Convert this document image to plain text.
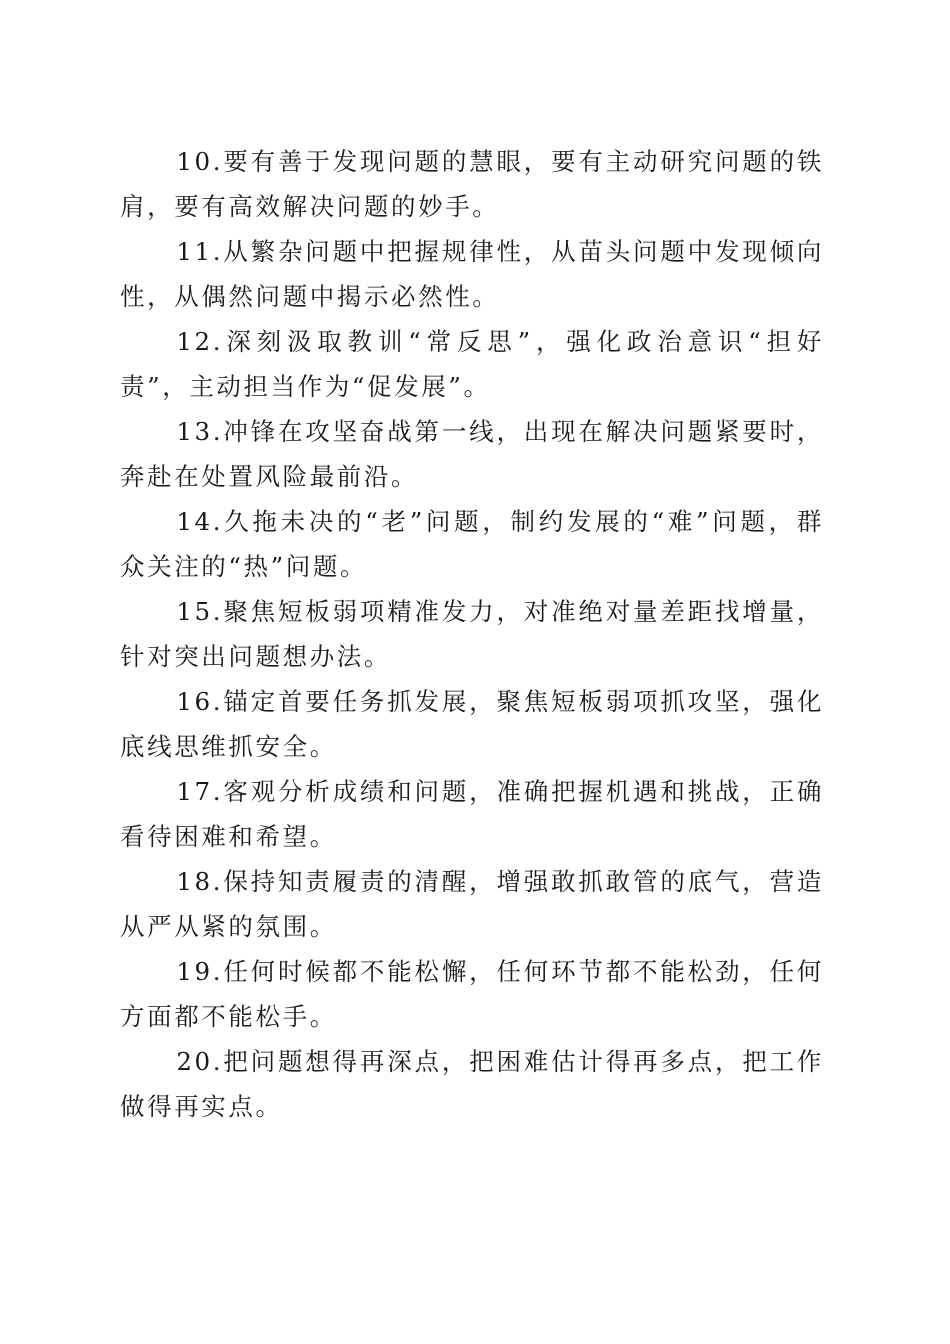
10.要有善于发现问题的慧眼，要有主动研究问题的铁肩，要有高效解决问题的妙手。

11.从繁杂问题中把握规律性，从苗头问题中发现倾向性，从偶然问题中揭示必然性。

12.深刻汲取教训“常反思”，强化政治意识“担好责”，主动担当作为“促发展”。

13.冲锋在攻坚奋战第一线，出现在解决问题紧要时，奔赴在处置风险最前沿。

14.久拖未决的“老”问题，制约发展的“难”问题，群众关注的“热”问题。

15.聚焦短板弱项精准发力，对准绝对量差距找增量，针对突出问题想办法。

16.锚定首要任务抓发展，聚焦短板弱项抓攻坚，强化底线思维抓安全。

17.客观分析成绩和问题，准确把握机遇和挑战，正确看待困难和希望。

18.保持知责履责的清醒，增强敢抓敢管的底气，营造从严从紧的氛围。

19.任何时候都不能松懈，任何环节都不能松劲，任何方面都不能松手。

20.把问题想得再深点，把困难估计得再多点，把工作做得再实点。
